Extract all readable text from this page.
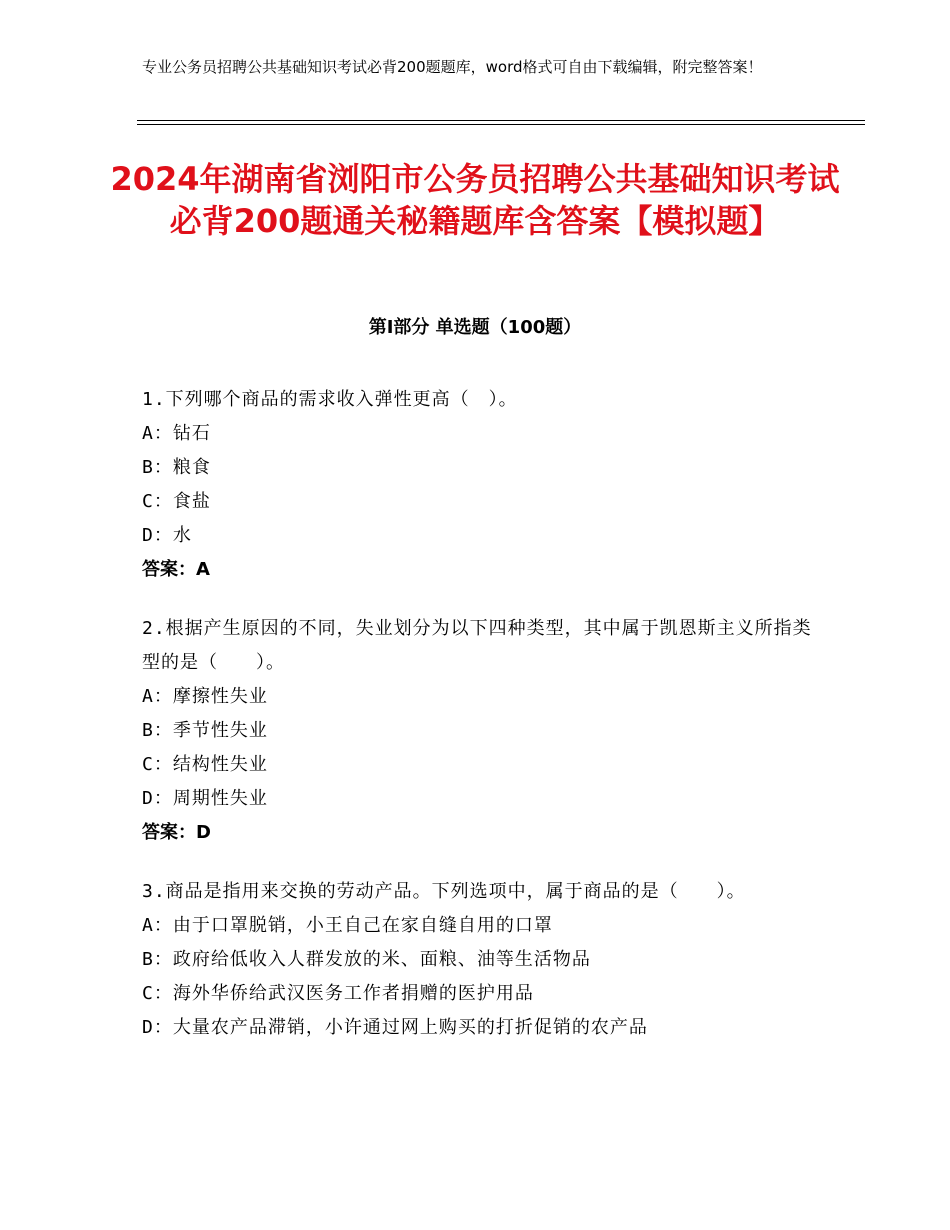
专业公务员招聘公共基础知识考试必背200题题库，word格式可自由下载编辑，附完整答案！
2024年湖南省浏阳市公务员招聘公共基础知识考试必背200题通关秘籍题库含答案【模拟题】
第Ⅰ部分 单选题（100题）

1.下列哪个商品的需求收入弹性更高（　）。

A：钻石

B：粮食

C：食盐

D：水

答案：A

2.根据产生原因的不同，失业划分为以下四种类型，其中属于凯恩斯主义所指类型的是（　　）。

A：摩擦性失业

B：季节性失业

C：结构性失业

D：周期性失业

答案：D

3.商品是指用来交换的劳动产品。下列选项中，属于商品的是（　　）。

A：由于口罩脱销，小王自己在家自缝自用的口罩

B：政府给低收入人群发放的米、面粮、油等生活物品

C：海外华侨给武汉医务工作者捐赠的医护用品

D：大量农产品滞销，小许通过网上购买的打折促销的农产品
